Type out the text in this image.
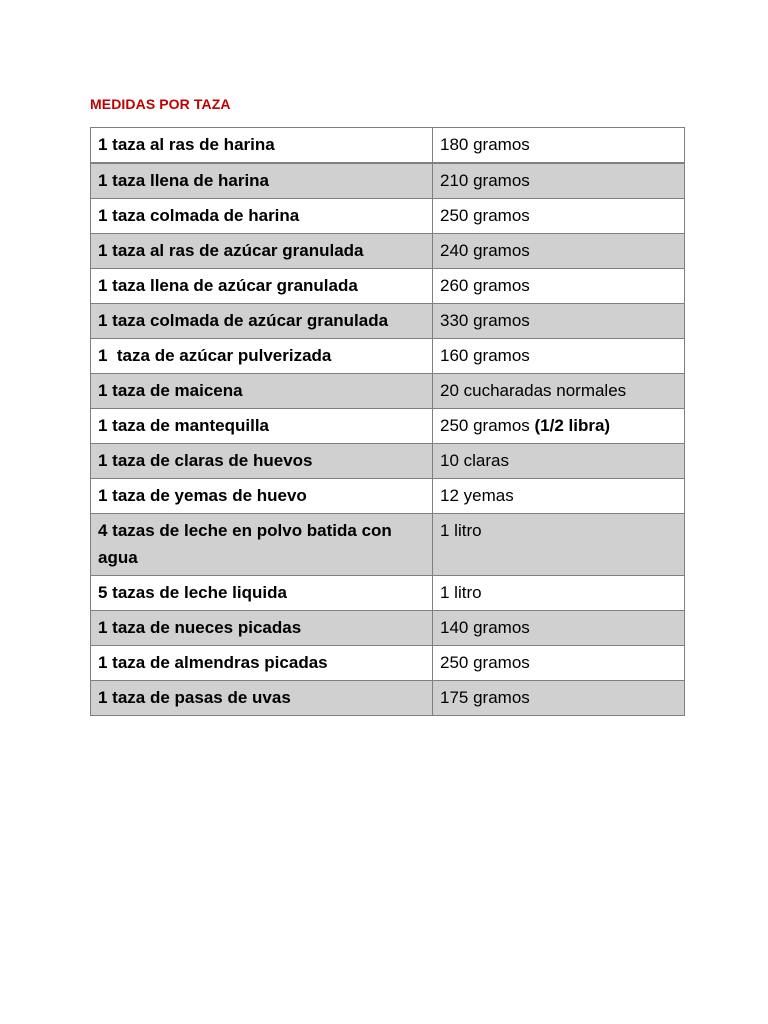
MEDIDAS POR TAZA
1 taza al ras de harina	180 gramos
1 taza llena de harina	210 gramos
1 taza colmada de harina	250 gramos
1 taza al ras de azúcar granulada	240 gramos
1 taza llena de azúcar granulada	260 gramos
1 taza colmada de azúcar granulada	330 gramos
1  taza de azúcar pulverizada	160 gramos
1 taza de maicena	20 cucharadas normales
1 taza de mantequilla	250 gramos (1/2 libra)
1 taza de claras de huevos	10 claras
1 taza de yemas de huevo	12 yemas
4 tazas de leche en polvo batida con agua	1 litro
5 tazas de leche liquida	1 litro
1 taza de nueces picadas	140 gramos
1 taza de almendras picadas	250 gramos
1 taza de pasas de uvas	175 gramos
